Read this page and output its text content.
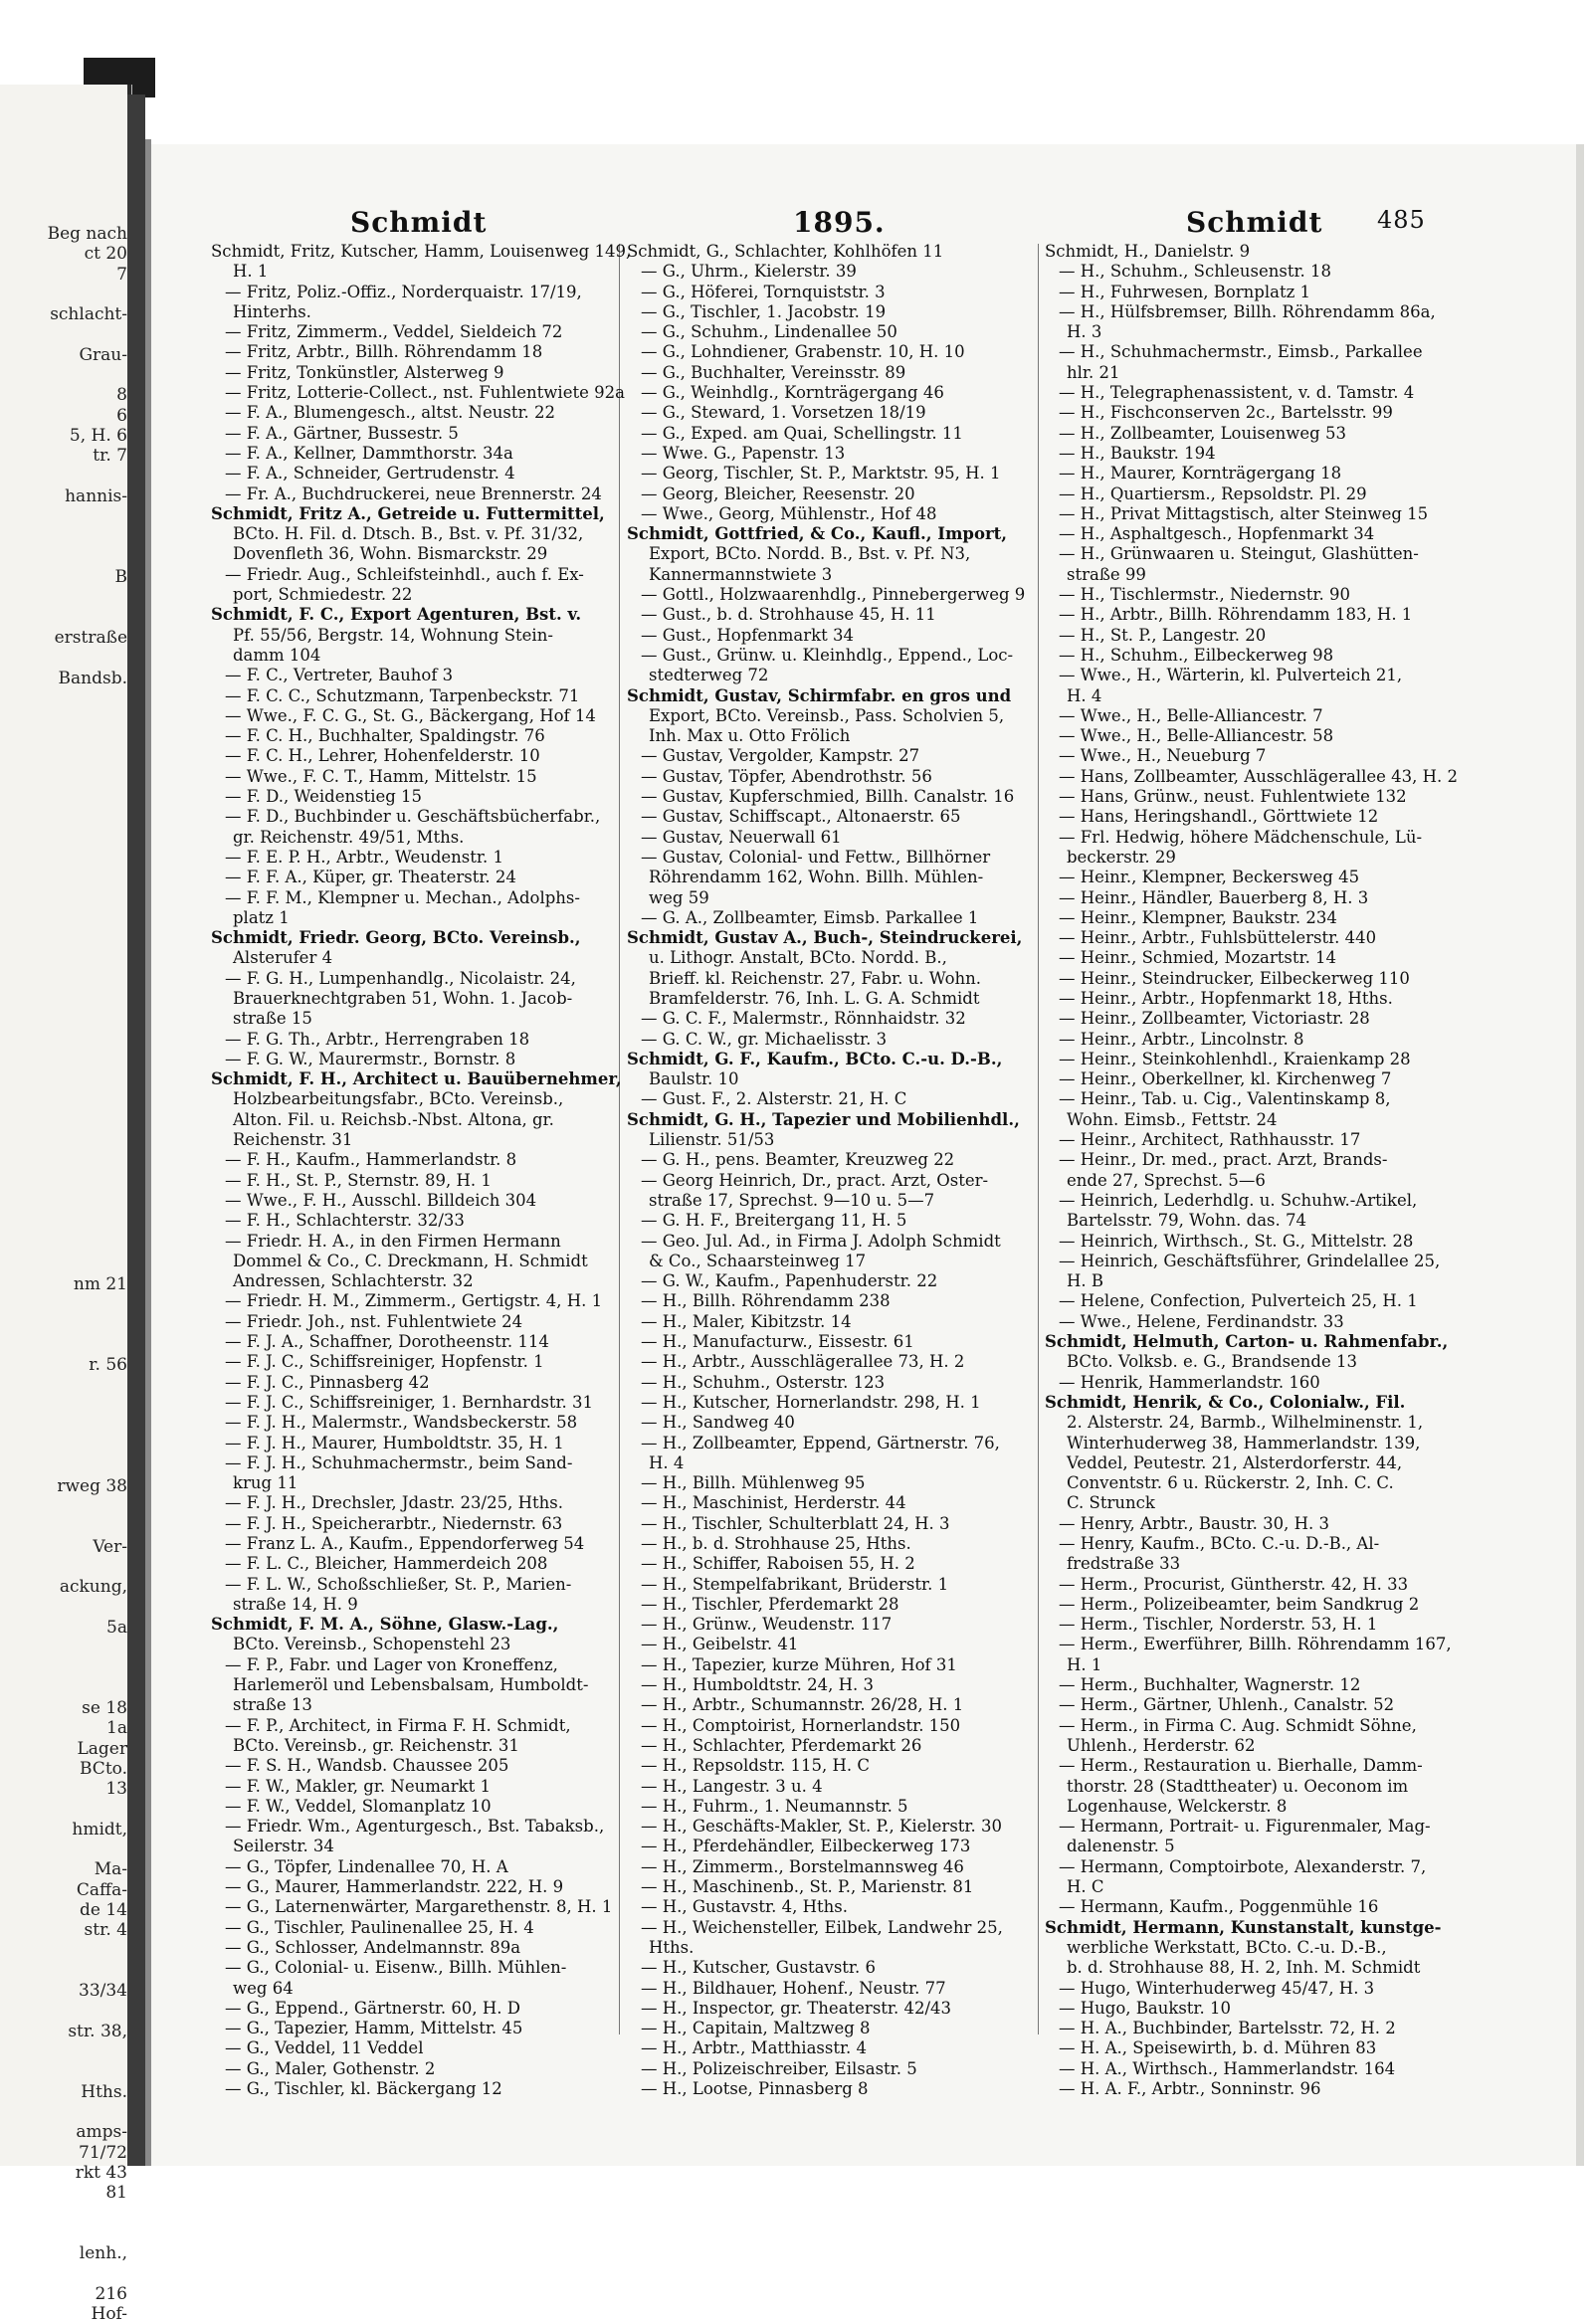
Beg nach
ct 20
7
schlacht-
Grau-
8
6
5, H. 6
tr. 7
hannis-
B
erstraße
Bandsb.
nm 21
r. 56
rweg 38
Ver-
ackung,
5a
se 18
1a
Lager
BCto.
13
hmidt,
Ma-
Caffa-
de 14
str. 4
33/34
str. 38,
Hths.
amps-
71/72
rkt 43
81
lenh.,
216
Hof-
Schmidt	1895.	Schmidt 485
Schmidt, Fritz, Kutscher, Hamm, Louisenweg 149,
H. 1
— Fritz, Poliz.-Offiz., Norderquaistr. 17/19,
Hinterhs.
— Fritz, Zimmerm., Veddel, Sieldeich 72
— Fritz, Arbtr., Billh. Röhrendamm 18
— Fritz, Tonkünstler, Alsterweg 9
— Fritz, Lotterie-Collect., nst. Fuhlentwiete 92a
— F. A., Blumengesch., altst. Neustr. 22
— F. A., Gärtner, Bussestr. 5
— F. A., Kellner, Dammthorstr. 34a
— F. A., Schneider, Gertrudenstr. 4
— Fr. A., Buchdruckerei, neue Brennerstr. 24
Schmidt, Fritz A., Getreide u. Futtermittel,
BCto. H. Fil. d. Dtsch. B., Bst. v. Pf. 31/32,
Dovenfleth 36, Wohn. Bismarckstr. 29
— Friedr. Aug., Schleifsteinhdl., auch f. Ex-
port, Schmiedestr. 22
Schmidt, F. C., Export Agenturen, Bst. v.
Pf. 55/56, Bergstr. 14, Wohnung Stein-
damm 104
— F. C., Vertreter, Bauhof 3
— F. C. C., Schutzmann, Tarpenbeckstr. 71
— Wwe., F. C. G., St. G., Bäckergang, Hof 14
— F. C. H., Buchhalter, Spaldingstr. 76
— F. C. H., Lehrer, Hohenfelderstr. 10
— Wwe., F. C. T., Hamm, Mittelstr. 15
— F. D., Weidenstieg 15
— F. D., Buchbinder u. Geschäftsbücherfabr.,
gr. Reichenstr. 49/51, Mths.
— F. E. P. H., Arbtr., Weudenstr. 1
— F. F. A., Küper, gr. Theaterstr. 24
— F. F. M., Klempner u. Mechan., Adolphs-
platz 1
Schmidt, Friedr. Georg, BCto. Vereinsb.,
Alsterufer 4
— F. G. H., Lumpenhandlg., Nicolaistr. 24,
Brauerknechtgraben 51, Wohn. 1. Jacob-
straße 15
— F. G. Th., Arbtr., Herrengraben 18
— F. G. W., Maurermstr., Bornstr. 8
Schmidt, F. H., Architect u. Bauübernehmer,
Holzbearbeitungsfabr., BCto. Vereinsb.,
Alton. Fil. u. Reichsb.-Nbst. Altona, gr.
Reichenstr. 31
— F. H., Kaufm., Hammerlandstr. 8
— F. H., St. P., Sternstr. 89, H. 1
— Wwe., F. H., Ausschl. Billdeich 304
— F. H., Schlachterstr. 32/33
— Friedr. H. A., in den Firmen Hermann
Dommel & Co., C. Dreckmann, H. Schmidt
Andressen, Schlachterstr. 32
— Friedr. H. M., Zimmerm., Gertigstr. 4, H. 1
— Friedr. Joh., nst. Fuhlentwiete 24
— F. J. A., Schaffner, Dorotheenstr. 114
— F. J. C., Schiffsreiniger, Hopfenstr. 1
— F. J. C., Pinnasberg 42
— F. J. C., Schiffsreiniger, 1. Bernhardstr. 31
— F. J. H., Malermstr., Wandsbeckerstr. 58
— F. J. H., Maurer, Humboldtstr. 35, H. 1
— F. J. H., Schuhmachermstr., beim Sand-
krug 11
— F. J. H., Drechsler, Jdastr. 23/25, Hths.
— F. J. H., Speicherarbtr., Niedernstr. 63
— Franz L. A., Kaufm., Eppendorferweg 54
— F. L. C., Bleicher, Hammerdeich 208
— F. L. W., Schoßschließer, St. P., Marien-
straße 14, H. 9
Schmidt, F. M. A., Söhne, Glasw.-Lag.,
BCto. Vereinsb., Schopenstehl 23
— F. P., Fabr. und Lager von Kroneffenz,
Harlemeröl und Lebensbalsam, Humboldt-
straße 13
— F. P., Architect, in Firma F. H. Schmidt,
BCto. Vereinsb., gr. Reichenstr. 31
— F. S. H., Wandsb. Chaussee 205
— F. W., Makler, gr. Neumarkt 1
— F. W., Veddel, Slomanplatz 10
— Friedr. Wm., Agenturgesch., Bst. Tabaksb.,
Seilerstr. 34
— G., Töpfer, Lindenallee 70, H. A
— G., Maurer, Hammerlandstr. 222, H. 9
— G., Laternenwärter, Margarethenstr. 8, H. 1
— G., Tischler, Paulinenallee 25, H. 4
— G., Schlosser, Andelmannstr. 89a
— G., Colonial- u. Eisenw., Billh. Mühlen-
weg 64
— G., Eppend., Gärtnerstr. 60, H. D
— G., Tapezier, Hamm, Mittelstr. 45
— G., Veddel, 11 Veddel
— G., Maler, Gothenstr. 2
— G., Tischler, kl. Bäckergang 12
Schmidt, G., Schlachter, Kohlhöfen 11
— G., Uhrm., Kielerstr. 39
— G., Höferei, Tornquiststr. 3
— G., Tischler, 1. Jacobstr. 19
— G., Schuhm., Lindenallee 50
— G., Lohndiener, Grabenstr. 10, H. 10
— G., Buchhalter, Vereinsstr. 89
— G., Weinhdlg., Kornträgergang 46
— G., Steward, 1. Vorsetzen 18/19
— G., Exped. am Quai, Schellingstr. 11
— Wwe. G., Papenstr. 13
— Georg, Tischler, St. P., Marktstr. 95, H. 1
— Georg, Bleicher, Reesenstr. 20
— Wwe., Georg, Mühlenstr., Hof 48
Schmidt, Gottfried, & Co., Kaufl., Import,
Export, BCto. Nordd. B., Bst. v. Pf. N3,
Kannermannstwiete 3
— Gottl., Holzwaarenhdlg., Pinnebergerweg 9
— Gust., b. d. Strohhause 45, H. 11
— Gust., Hopfenmarkt 34
— Gust., Grünw. u. Kleinhdlg., Eppend., Loc-
stedterweg 72
Schmidt, Gustav, Schirmfabr. en gros und
Export, BCto. Vereinsb., Pass. Scholvien 5,
Inh. Max u. Otto Frölich
— Gustav, Vergolder, Kampstr. 27
— Gustav, Töpfer, Abendrothstr. 56
— Gustav, Kupferschmied, Billh. Canalstr. 16
— Gustav, Schiffscapt., Altonaerstr. 65
— Gustav, Neuerwall 61
— Gustav, Colonial- und Fettw., Billhörner
Röhrendamm 162, Wohn. Billh. Mühlen-
weg 59
— G. A., Zollbeamter, Eimsb. Parkallee 1
Schmidt, Gustav A., Buch-, Steindruckerei,
u. Lithogr. Anstalt, BCto. Nordd. B.,
Brieff. kl. Reichenstr. 27, Fabr. u. Wohn.
Bramfelderstr. 76, Inh. L. G. A. Schmidt
— G. C. F., Malermstr., Rönnhaidstr. 32
— G. C. W., gr. Michaelisstr. 3
Schmidt, G. F., Kaufm., BCto. C.-u. D.-B.,
Baulstr. 10
— Gust. F., 2. Alsterstr. 21, H. C
Schmidt, G. H., Tapezier und Mobilienhdl.,
Lilienstr. 51/53
— G. H., pens. Beamter, Kreuzweg 22
— Georg Heinrich, Dr., pract. Arzt, Oster-
straße 17, Sprechst. 9—10 u. 5—7
— G. H. F., Breitergang 11, H. 5
— Geo. Jul. Ad., in Firma J. Adolph Schmidt
& Co., Schaarsteinweg 17
— G. W., Kaufm., Papenhuderstr. 22
— H., Billh. Röhrendamm 238
— H., Maler, Kibitzstr. 14
— H., Manufacturw., Eissestr. 61
— H., Arbtr., Ausschlägerallee 73, H. 2
— H., Schuhm., Osterstr. 123
— H., Kutscher, Hornerlandstr. 298, H. 1
— H., Sandweg 40
— H., Zollbeamter, Eppend, Gärtnerstr. 76,
H. 4
— H., Billh. Mühlenweg 95
— H., Maschinist, Herderstr. 44
— H., Tischler, Schulterblatt 24, H. 3
— H., b. d. Strohhause 25, Hths.
— H., Schiffer, Raboisen 55, H. 2
— H., Stempelfabrikant, Brüderstr. 1
— H., Tischler, Pferdemarkt 28
— H., Grünw., Weudenstr. 117
— H., Geibelstr. 41
— H., Tapezier, kurze Mühren, Hof 31
— H., Humboldtstr. 24, H. 3
— H., Arbtr., Schumannstr. 26/28, H. 1
— H., Comptoirist, Hornerlandstr. 150
— H., Schlachter, Pferdemarkt 26
— H., Repsoldstr. 115, H. C
— H., Langestr. 3 u. 4
— H., Fuhrm., 1. Neumannstr. 5
— H., Geschäfts-Makler, St. P., Kielerstr. 30
— H., Pferdehändler, Eilbeckerweg 173
— H., Zimmerm., Borstelmannsweg 46
— H., Maschinenb., St. P., Marienstr. 81
— H., Gustavstr. 4, Hths.
— H., Weichensteller, Eilbek, Landwehr 25,
Hths.
— H., Kutscher, Gustavstr. 6
— H., Bildhauer, Hohenf., Neustr. 77
— H., Inspector, gr. Theaterstr. 42/43
— H., Capitain, Maltzweg 8
— H., Arbtr., Matthiasstr. 4
— H., Polizeischreiber, Eilsastr. 5
— H., Lootse, Pinnasberg 8
Schmidt, H., Danielstr. 9
— H., Schuhm., Schleusenstr. 18
— H., Fuhrwesen, Bornplatz 1
— H., Hülfsbremser, Billh. Röhrendamm 86a,
H. 3
— H., Schuhmachermstr., Eimsb., Parkallee
hlr. 21
— H., Telegraphenassistent, v. d. Tamstr. 4
— H., Fischconserven 2c., Bartelsstr. 99
— H., Zollbeamter, Louisenweg 53
— H., Baukstr. 194
— H., Maurer, Kornträgergang 18
— H., Quartiersm., Repsoldstr. Pl. 29
— H., Privat Mittagstisch, alter Steinweg 15
— H., Asphaltgesch., Hopfenmarkt 34
— H., Grünwaaren u. Steingut, Glashütten-
straße 99
— H., Tischlermstr., Niedernstr. 90
— H., Arbtr., Billh. Röhrendamm 183, H. 1
— H., St. P., Langestr. 20
— H., Schuhm., Eilbeckerweg 98
— Wwe., H., Wärterin, kl. Pulverteich 21,
H. 4
— Wwe., H., Belle-Alliancestr. 7
— Wwe., H., Belle-Alliancestr. 58
— Wwe., H., Neueburg 7
— Hans, Zollbeamter, Ausschlägerallee 43, H. 2
— Hans, Grünw., neust. Fuhlentwiete 132
— Hans, Heringshandl., Görttwiete 12
— Frl. Hedwig, höhere Mädchenschule, Lü-
beckerstr. 29
— Heinr., Klempner, Beckersweg 45
— Heinr., Händler, Bauerberg 8, H. 3
— Heinr., Klempner, Baukstr. 234
— Heinr., Arbtr., Fuhlsbüttelerstr. 440
— Heinr., Schmied, Mozartstr. 14
— Heinr., Steindrucker, Eilbeckerweg 110
— Heinr., Arbtr., Hopfenmarkt 18, Hths.
— Heinr., Zollbeamter, Victoriastr. 28
— Heinr., Arbtr., Lincolnstr. 8
— Heinr., Steinkohlenhdl., Kraienkamp 28
— Heinr., Oberkellner, kl. Kirchenweg 7
— Heinr., Tab. u. Cig., Valentinskamp 8,
Wohn. Eimsb., Fettstr. 24
— Heinr., Architect, Rathhausstr. 17
— Heinr., Dr. med., pract. Arzt, Brands-
ende 27, Sprechst. 5—6
— Heinrich, Lederhdlg. u. Schuhw.-Artikel,
Bartelsstr. 79, Wohn. das. 74
— Heinrich, Wirthsch., St. G., Mittelstr. 28
— Heinrich, Geschäftsführer, Grindelallee 25,
H. B
— Helene, Confection, Pulverteich 25, H. 1
— Wwe., Helene, Ferdinandstr. 33
Schmidt, Helmuth, Carton- u. Rahmenfabr.,
BCto. Volksb. e. G., Brandsende 13
— Henrik, Hammerlandstr. 160
Schmidt, Henrik, & Co., Colonialw., Fil.
2. Alsterstr. 24, Barmb., Wilhelminenstr. 1,
Winterhuderweg 38, Hammerlandstr. 139,
Veddel, Peutestr. 21, Alsterdorferstr. 44,
Conventstr. 6 u. Rückerstr. 2, Inh. C. C.
C. Strunck
— Henry, Arbtr., Baustr. 30, H. 3
— Henry, Kaufm., BCto. C.-u. D.-B., Al-
fredstraße 33
— Herm., Procurist, Güntherstr. 42, H. 33
— Herm., Polizeibeamter, beim Sandkrug 2
— Herm., Tischler, Norderstr. 53, H. 1
— Herm., Ewerführer, Billh. Röhrendamm 167,
H. 1
— Herm., Buchhalter, Wagnerstr. 12
— Herm., Gärtner, Uhlenh., Canalstr. 52
— Herm., in Firma C. Aug. Schmidt Söhne,
Uhlenh., Herderstr. 62
— Herm., Restauration u. Bierhalle, Damm-
thorstr. 28 (Stadttheater) u. Oeconom im
Logenhause, Welckerstr. 8
— Hermann, Portrait- u. Figurenmaler, Mag-
dalenenstr. 5
— Hermann, Comptoirbote, Alexanderstr. 7,
H. C
— Hermann, Kaufm., Poggenmühle 16
Schmidt, Hermann, Kunstanstalt, kunstge-
werbliche Werkstatt, BCto. C.-u. D.-B.,
b. d. Strohhause 88, H. 2, Inh. M. Schmidt
— Hugo, Winterhuderweg 45/47, H. 3
— Hugo, Baukstr. 10
— H. A., Buchbinder, Bartelsstr. 72, H. 2
— H. A., Speisewirth, b. d. Mühren 83
— H. A., Wirthsch., Hammerlandstr. 164
— H. A. F., Arbtr., Sonninstr. 96
